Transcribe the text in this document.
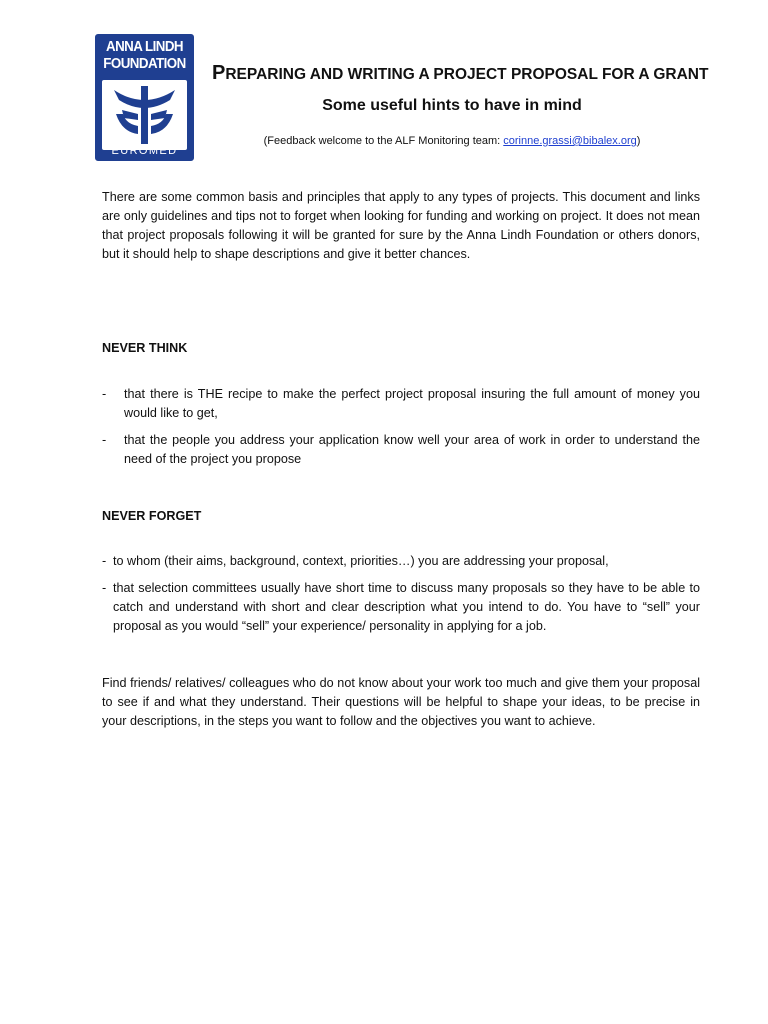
ANNA LINDH
FOUNDATION
EUROMED
PREPARING AND WRITING A PROJECT PROPOSAL FOR A GRANT
Some useful hints to have in mind
(Feedback welcome to the ALF Monitoring team: corinne.grassi@bibalex.org)
There are some common basis and principles that apply to any types of projects. This document and links are only guidelines and tips not to forget when looking for funding and working on project. It does not mean that project proposals following it will be granted for sure by the Anna Lindh Foundation or others donors, but it should help to shape descriptions and give it better chances.
NEVER THINK
- that there is THE recipe to make the perfect project proposal insuring the full amount of money you would like to get,
- that the people you address your application know well your area of work in order to understand the need of the project you propose
NEVER FORGET
- to whom (their aims, background, context, priorities…) you are addressing your proposal,
- that selection committees usually have short time to discuss many proposals so they have to be able to catch and understand with short and clear description what you intend to do. You have to “sell” your proposal as you would “sell” your experience/ personality in applying for a job.
Find friends/ relatives/ colleagues who do not know about your work too much and give them your proposal to see if and what they understand. Their questions will be helpful to shape your ideas, to be precise in your descriptions, in the steps you want to follow and the objectives you want to achieve.
